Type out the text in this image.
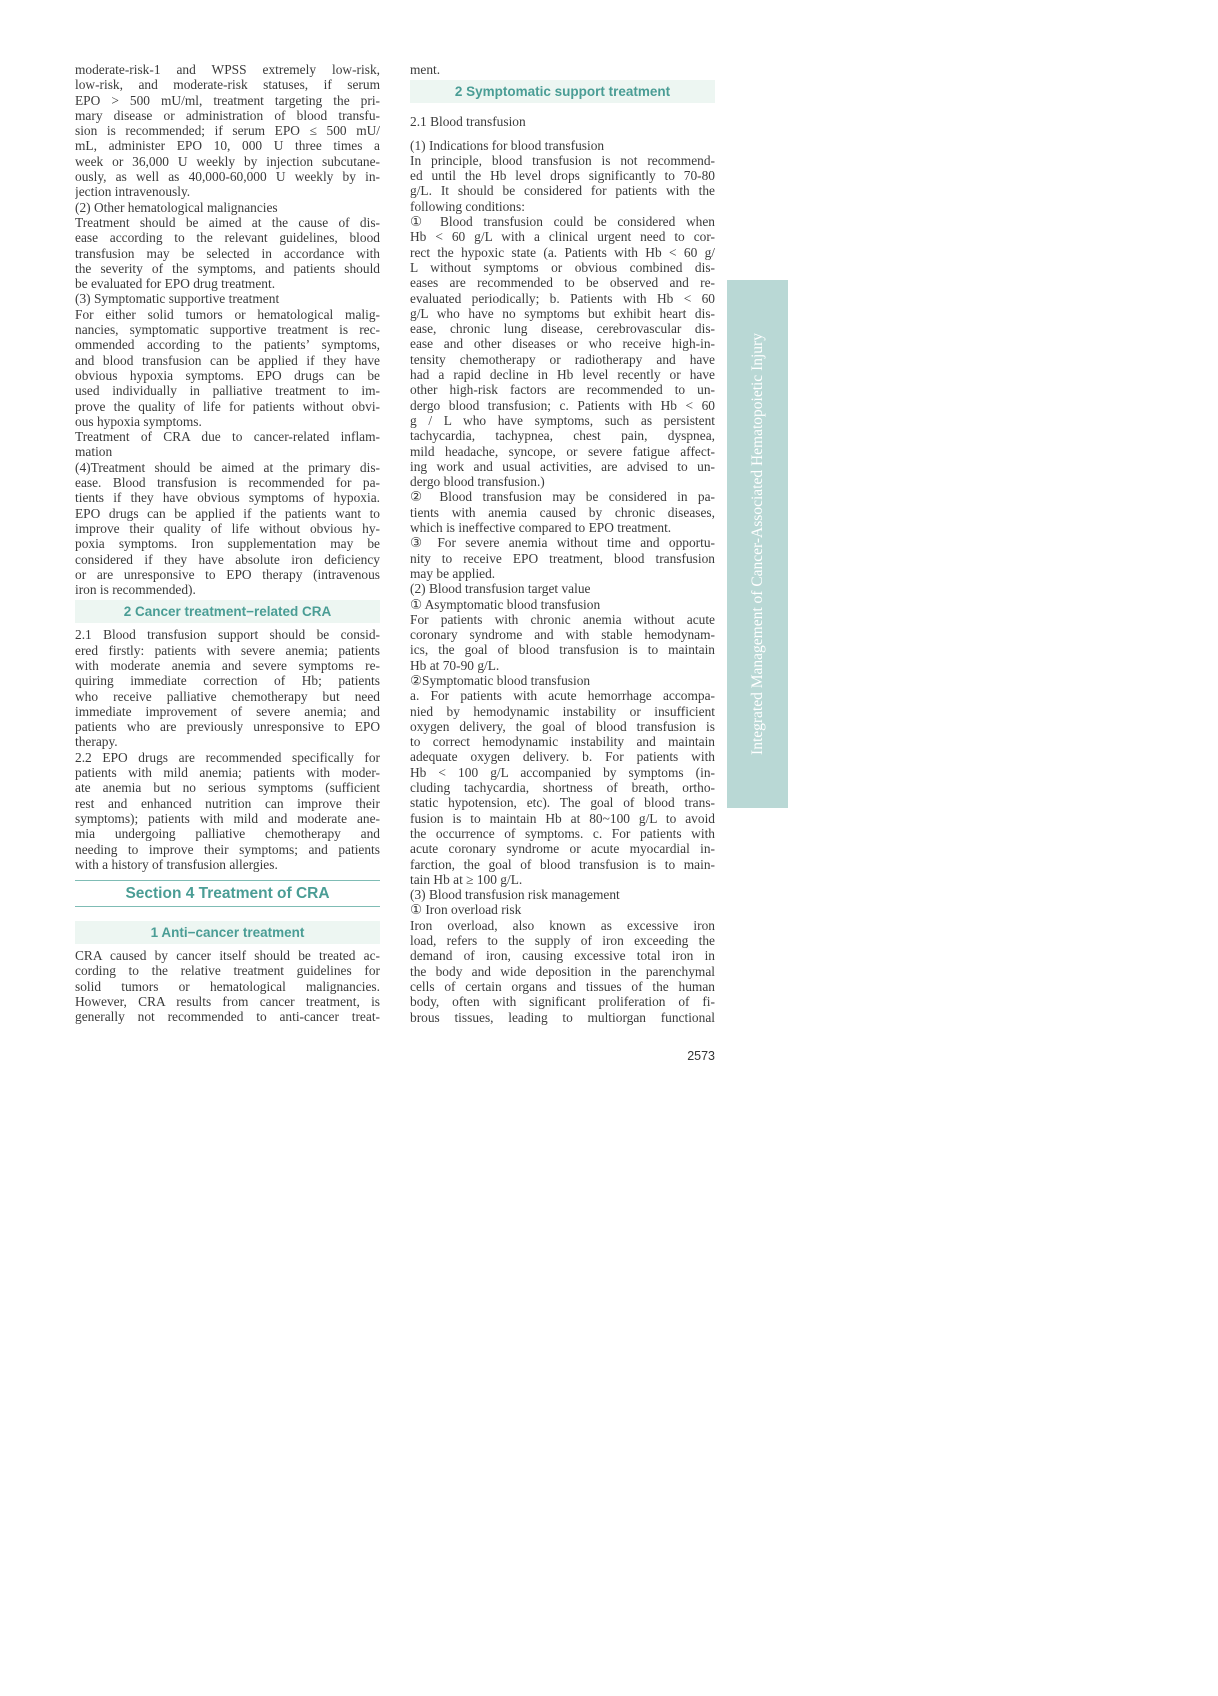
moderate-risk-1 and WPSS extremely low-risk,
low-risk, and moderate-risk statuses, if serum
EPO > 500 mU/ml, treatment targeting the pri-
mary disease or administration of blood transfu-
sion is recommended; if serum EPO ≤ 500 mU/
mL, administer EPO 10, 000 U three times a
week or 36,000 U weekly by injection subcutane-
ously, as well as 40,000-60,000 U weekly by in-
jection intravenously.
(2) Other hematological malignancies
Treatment should be aimed at the cause of dis-
ease according to the relevant guidelines, blood
transfusion may be selected in accordance with
the severity of the symptoms, and patients should
be evaluated for EPO drug treatment.
(3) Symptomatic supportive treatment
For either solid tumors or hematological malig-
nancies, symptomatic supportive treatment is rec-
ommended according to the patients’ symptoms,
and blood transfusion can be applied if they have
obvious hypoxia symptoms. EPO drugs can be
used individually in palliative treatment to im-
prove the quality of life for patients without obvi-
ous hypoxia symptoms.
Treatment of CRA due to cancer-related inflam-
mation
(4)Treatment should be aimed at the primary dis-
ease. Blood transfusion is recommended for pa-
tients if they have obvious symptoms of hypoxia.
EPO drugs can be applied if the patients want to
improve their quality of life without obvious hy-
poxia symptoms. Iron supplementation may be
considered if they have absolute iron deficiency
or are unresponsive to EPO therapy (intravenous
iron is recommended).
2 Cancer treatment−related CRA
2.1 Blood transfusion support should be consid-
ered firstly: patients with severe anemia; patients
with moderate anemia and severe symptoms re-
quiring immediate correction of Hb; patients
who receive palliative chemotherapy but need
immediate improvement of severe anemia; and
patients who are previously unresponsive to EPO
therapy.
2.2 EPO drugs are recommended specifically for
patients with mild anemia; patients with moder-
ate anemia but no serious symptoms (sufficient
rest and enhanced nutrition can improve their
symptoms); patients with mild and moderate ane-
mia undergoing palliative chemotherapy and
needing to improve their symptoms; and patients
with a history of transfusion allergies.
Section 4 Treatment of CRA
1 Anti−cancer treatment
CRA caused by cancer itself should be treated ac-
cording to the relative treatment guidelines for
solid tumors or hematological malignancies.
However, CRA results from cancer treatment, is
generally not recommended to anti-cancer treat-
ment.
2 Symptomatic support treatment
2.1 Blood transfusion
(1) Indications for blood transfusion
In principle, blood transfusion is not recommend-
ed until the Hb level drops significantly to 70-80
g/L. It should be considered for patients with the
following conditions:
① Blood transfusion could be considered when
Hb < 60 g/L with a clinical urgent need to cor-
rect the hypoxic state (a. Patients with Hb < 60 g/
L without symptoms or obvious combined dis-
eases are recommended to be observed and re-
evaluated periodically; b. Patients with Hb < 60
g/L who have no symptoms but exhibit heart dis-
ease, chronic lung disease, cerebrovascular dis-
ease and other diseases or who receive high-in-
tensity chemotherapy or radiotherapy and have
had a rapid decline in Hb level recently or have
other high-risk factors are recommended to un-
dergo blood transfusion; c. Patients with Hb < 60
g / L who have symptoms, such as persistent
tachycardia, tachypnea, chest pain, dyspnea,
mild headache, syncope, or severe fatigue affect-
ing work and usual activities, are advised to un-
dergo blood transfusion.)
② Blood transfusion may be considered in pa-
tients with anemia caused by chronic diseases,
which is ineffective compared to EPO treatment.
③ For severe anemia without time and opportu-
nity to receive EPO treatment, blood transfusion
may be applied.
(2) Blood transfusion target value
① Asymptomatic blood transfusion
For patients with chronic anemia without acute
coronary syndrome and with stable hemodynam-
ics, the goal of blood transfusion is to maintain
Hb at 70-90 g/L.
②Symptomatic blood transfusion
a. For patients with acute hemorrhage accompa-
nied by hemodynamic instability or insufficient
oxygen delivery, the goal of blood transfusion is
to correct hemodynamic instability and maintain
adequate oxygen delivery. b. For patients with
Hb < 100 g/L accompanied by symptoms (in-
cluding tachycardia, shortness of breath, ortho-
static hypotension, etc). The goal of blood trans-
fusion is to maintain Hb at 80~100 g/L to avoid
the occurrence of symptoms. c. For patients with
acute coronary syndrome or acute myocardial in-
farction, the goal of blood transfusion is to main-
tain Hb at ≥ 100 g/L.
(3) Blood transfusion risk management
① Iron overload risk
Iron overload, also known as excessive iron
load, refers to the supply of iron exceeding the
demand of iron, causing excessive total iron in
the body and wide deposition in the parenchymal
cells of certain organs and tissues of the human
body, often with significant proliferation of fi-
brous tissues, leading to multiorgan functional
Integrated Management of Cancer-Associated Hematopoietic Injury
2573
